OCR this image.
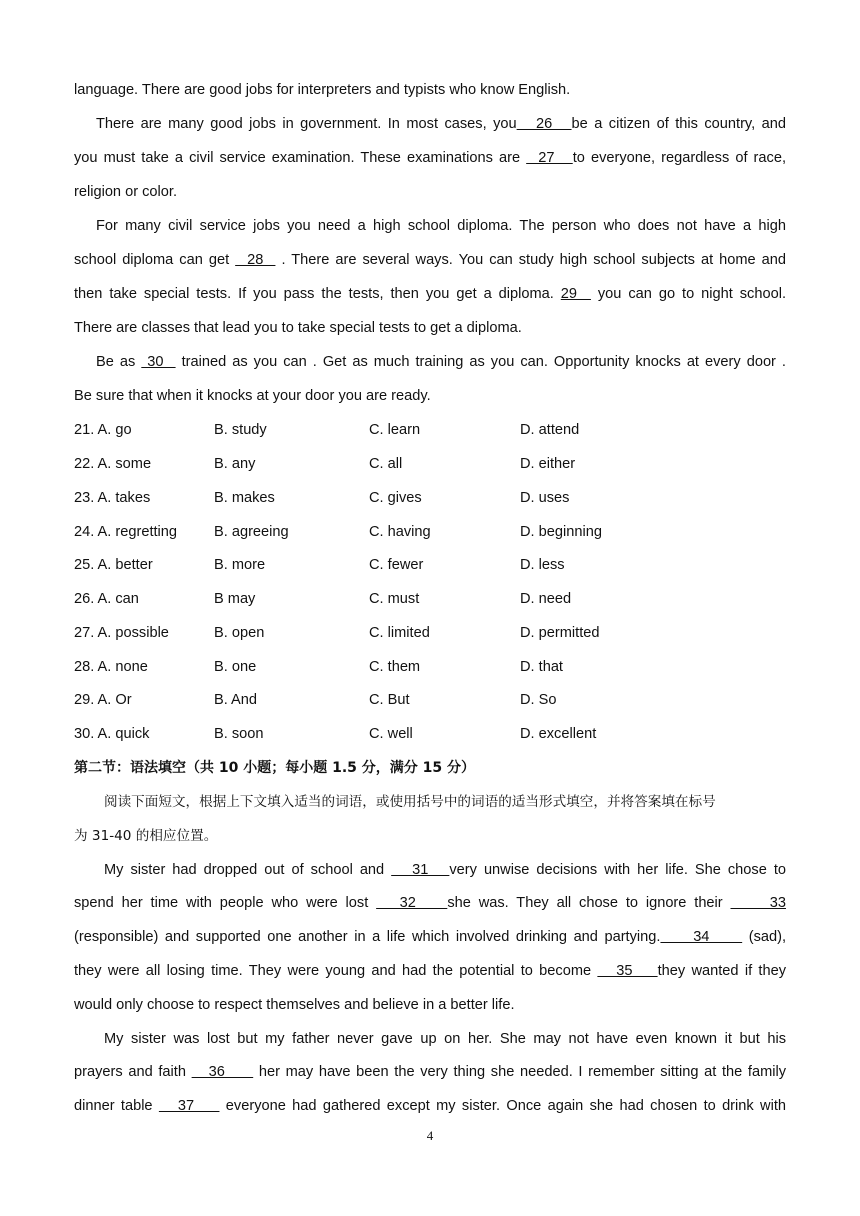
language. There are good jobs for interpreters and typists who know English.
There are many good jobs in government. In most cases, you   26   be a citizen of this country, and
you must take a civil service examination. These examinations are   27   to everyone, regardless of race,
religion or color.
For many civil service jobs you need a high school diploma. The person who does not have a high
school diploma can get   28   . There are several ways. You can study high school subjects at home and
then take special tests. If you pass the tests, then you get a diploma. 29   you can go to night school.
There are classes that lead you to take special tests to get a diploma.
Be as  30   trained as you can . Get as much training as you can. Opportunity knocks at every door .
Be sure that when it knocks at your door you are ready.
21. A. go	B. study	C. learn	D. attend
22. A. some	B. any	C. all	D. either
23. A. takes	B. makes	C. gives	D. uses
24. A. regretting	B. agreeing	C. having	D. beginning
25. A. better	B. more	C. fewer	D. less
26. A. can	B may	C. must	D. need
27. A. possible	B. open	C. limited	D. permitted
28. A. none	B. one	C. them	D. that
29. A. Or	B. And	C. But	D. So
30. A. quick	B. soon	C. well	D. excellent
第二节：语法填空（共 10 小题；每小题 1.5 分，满分 15 分）
阅读下面短文，根据上下文填入适当的词语，或使用括号中的词语的适当形式填空，并将答案填在标号
为 31-40 的相应位置。
My sister had dropped out of school and    31   very unwise decisions with her life. She chose to
spend her time with people who were lost    32    she was. They all chose to ignore their      33
(responsible) and supported one another in a life which involved drinking and partying.     34      (sad),
they were all losing time. They were young and had the potential to become    35    they wanted if they
would only choose to respect themselves and believe in a better life.
My sister was lost but my father never gave up on her. She may not have even known it but his
prayers and faith    36      her may have been the very thing she needed. I remember sitting at the family
dinner table    37     everyone had gathered except my sister. Once again she had chosen to drink with
4
